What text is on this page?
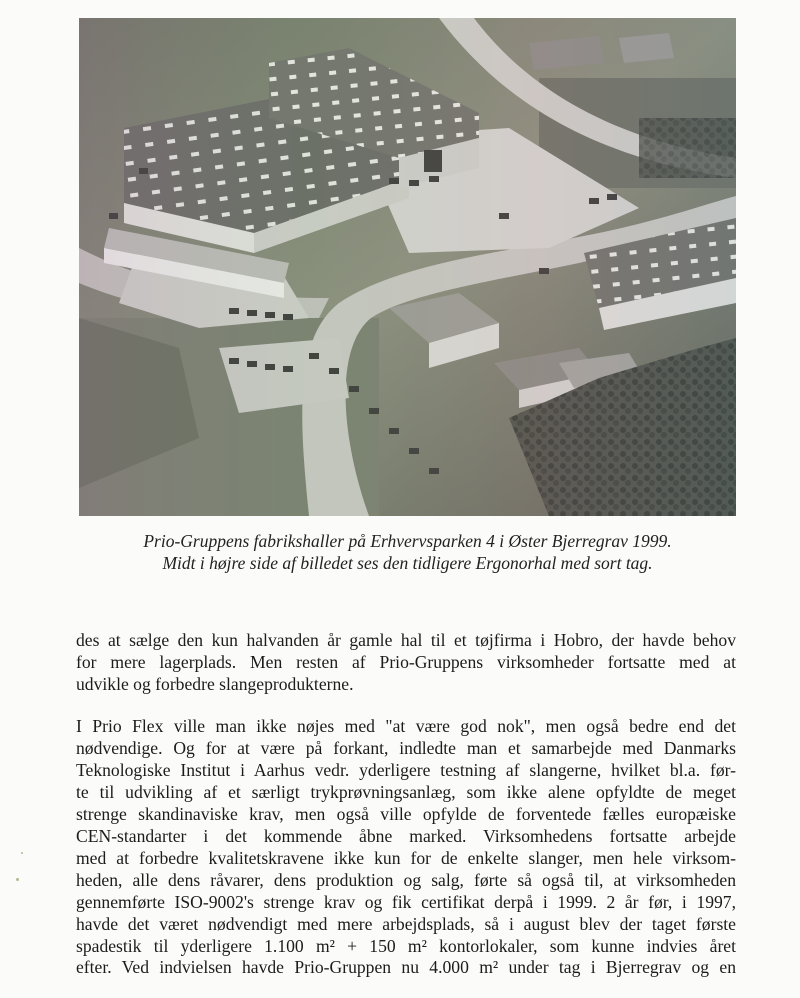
Prio-Gruppens fabrikshaller på Erhvervsparken 4 i Øster Bjerregrav 1999.
Midt i højre side af billedet ses den tidligere Ergonorhal med sort tag.
des at sælge den kun halvanden år gamle hal til et tøjfirma i Hobro, der havde behov
for mere lagerplads. Men resten af Prio-Gruppens virksomheder fortsatte med at
udvikle og forbedre slangeprodukterne.
I Prio Flex ville man ikke nøjes med "at være god nok", men også bedre end det
nødvendige. Og for at være på forkant, indledte man et samarbejde med Danmarks
Teknologiske Institut i Aarhus vedr. yderligere testning af slangerne, hvilket bl.a. før-
te til udvikling af et særligt trykprøvningsanlæg, som ikke alene opfyldte de meget
strenge skandinaviske krav, men også ville opfylde de forventede fælles europæiske
CEN-standarter i det kommende åbne marked. Virksomhedens fortsatte arbejde
med at forbedre kvalitetskravene ikke kun for de enkelte slanger, men hele virksom-
heden, alle dens råvarer, dens produktion og salg, førte så også til, at virksomheden
gennemførte ISO-9002's strenge krav og fik certifikat derpå i 1999. 2 år før, i 1997,
havde det været nødvendigt med mere arbejdsplads, så i august blev der taget første
spadestik til yderligere 1.100 m² + 150 m² kontorlokaler, som kunne indvies året
efter. Ved indvielsen havde Prio-Gruppen nu 4.000 m² under tag i Bjerregrav og en
